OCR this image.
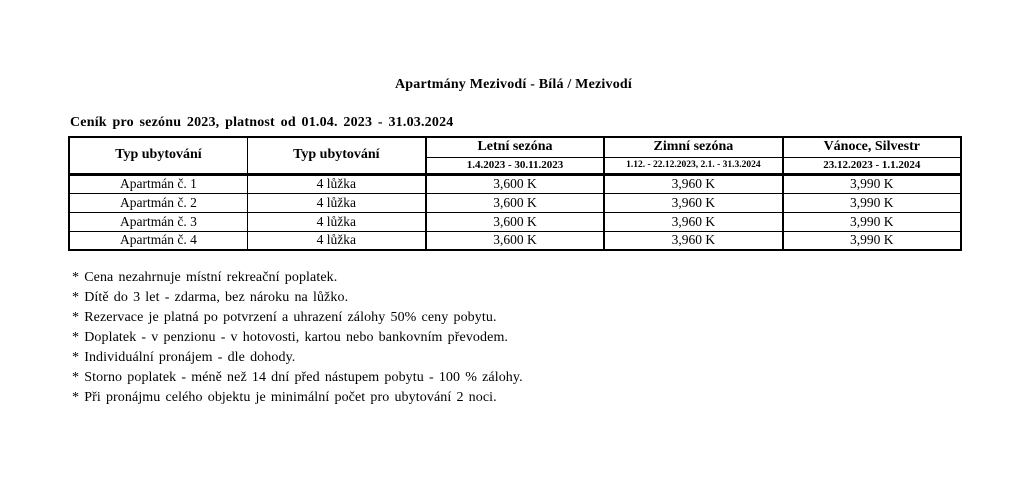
Apartmány Mezivodí - Bílá / Mezivodí
Ceník pro sezónu 2023, platnost od 01.04. 2023 - 31.03.2024
Typ ubytování	Typ ubytování	Letní sezóna	Zimní sezóna	Vánoce, Silvestr
		1.4.2023 - 30.11.2023	1.12. - 22.12.2023, 2.1. - 31.3.2024	23.12.2023 - 1.1.2024
Apartmán č. 1	4 lůžka	3,600 K	3,960 K	3,990 K
Apartmán č. 2	4 lůžka	3,600 K	3,960 K	3,990 K
Apartmán č. 3	4 lůžka	3,600 K	3,960 K	3,990 K
Apartmán č. 4	4 lůžka	3,600 K	3,960 K	3,990 K
* Cena nezahrnuje místní rekreační poplatek.
* Dítě do 3 let - zdarma, bez nároku na lůžko.
* Rezervace je platná po potvrzení a uhrazení zálohy 50% ceny pobytu.
* Doplatek - v penzionu - v hotovosti, kartou nebo bankovním převodem.
* Individuální pronájem - dle dohody.
* Storno poplatek - méně než 14 dní před nástupem pobytu - 100 % zálohy.
* Při pronájmu celého objektu je minimální počet pro ubytování 2 noci.
